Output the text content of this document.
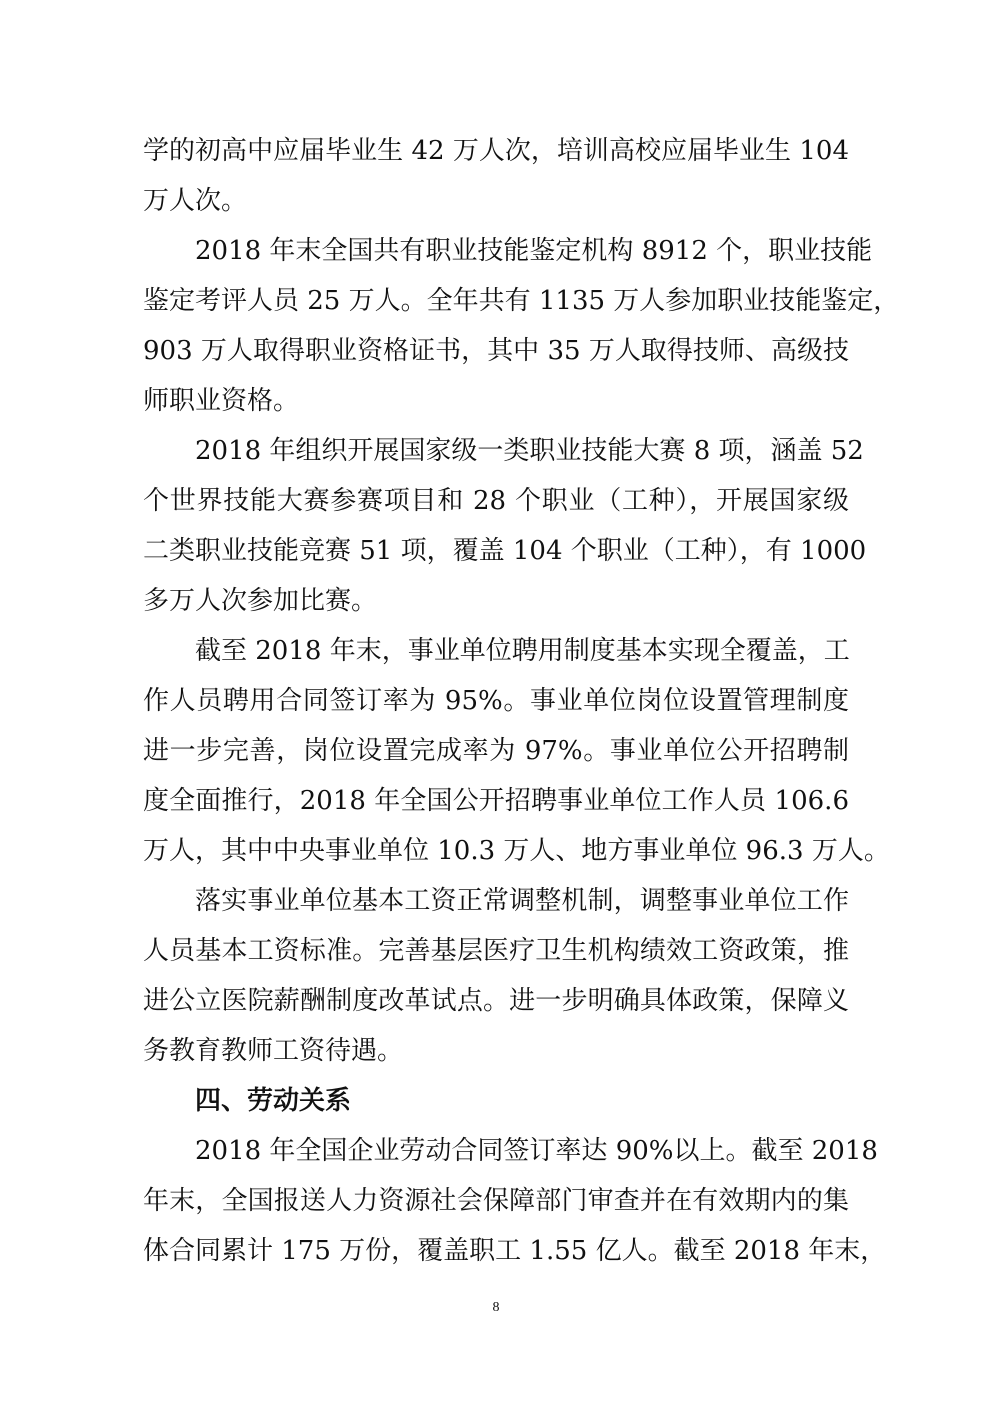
学的初高中应届毕业生 42 万人次，培训高校应届毕业生 104
万人次。
2018 年末全国共有职业技能鉴定机构 8912 个，职业技能
鉴定考评人员 25 万人。全年共有 1135 万人参加职业技能鉴定，
903 万人取得职业资格证书，其中 35 万人取得技师、高级技
师职业资格。
2018 年组织开展国家级一类职业技能大赛 8 项，涵盖 52
个世界技能大赛参赛项目和 28 个职业（工种），开展国家级
二类职业技能竞赛 51 项，覆盖 104 个职业（工种），有 1000
多万人次参加比赛。
截至 2018 年末，事业单位聘用制度基本实现全覆盖，工
作人员聘用合同签订率为 95%。事业单位岗位设置管理制度
进一步完善，岗位设置完成率为 97%。事业单位公开招聘制
度全面推行，2018 年全国公开招聘事业单位工作人员 106.6
万人，其中中央事业单位 10.3 万人、地方事业单位 96.3 万人。
落实事业单位基本工资正常调整机制，调整事业单位工作
人员基本工资标准。完善基层医疗卫生机构绩效工资政策，推
进公立医院薪酬制度改革试点。进一步明确具体政策，保障义
务教育教师工资待遇。
四、劳动关系
2018 年全国企业劳动合同签订率达 90%以上。截至 2018
年末，全国报送人力资源社会保障部门审查并在有效期内的集
体合同累计 175 万份，覆盖职工 1.55 亿人。截至 2018 年末，
8
